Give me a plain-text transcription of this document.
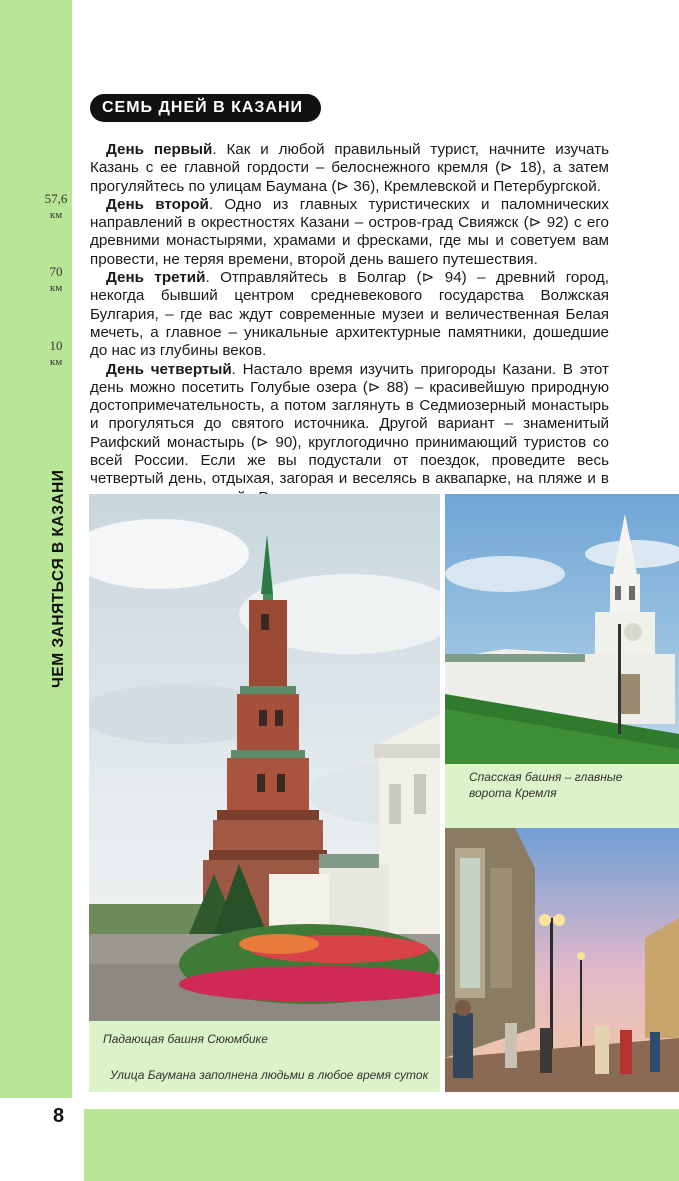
8
ЧЕМ ЗАНЯТЬСЯ В КАЗАНИ
57,6
км
70
км
10
км
СЕМЬ ДНЕЙ В КАЗАНИ

День первый. Как и любой правильный турист, начните изучать Казань с ее главной гордости – белоснежного кремля (⊳ 18), а затем прогуляйтесь по улицам Баумана (⊳ 36), Кремлевской и Петербургской.

День второй. Одно из главных туристических и паломнических направлений в окрестностях Казани – остров-град Свияжск (⊳ 92) с его древними монастырями, храмами и фресками, где мы и советуем вам провести, не теряя времени, второй день вашего путешествия.

День третий. Отправляйтесь в Болгар (⊳ 94) – древний город, некогда бывший центром средневекового государства Волжская Булгария, – где вас ждут современные музеи и величественная Белая мечеть, а главное – уникальные архитектурные памятники, дошедшие до нас из глубины веков.

День четвертый. Настало время изучить пригороды Казани. В этот день можно посетить Голубые озера (⊳ 88) – красивейшую природную достопримечательность, а потом заглянуть в Седмиозерный монастырь и прогуляться до святого источника. Другой вариант – знаменитый Раифский монастырь (⊳ 90), круглогодично принимающий туристов со всей России. Если же вы подустали от поездок, проведите весь четвертый день, отдыхая, загорая и веселясь в аквапарке, на пляже и в

Спасская башня – главные ворота Кремля
Падающая башня Сююмбике
Улица Баумана заполнена людьми в любое время суток
